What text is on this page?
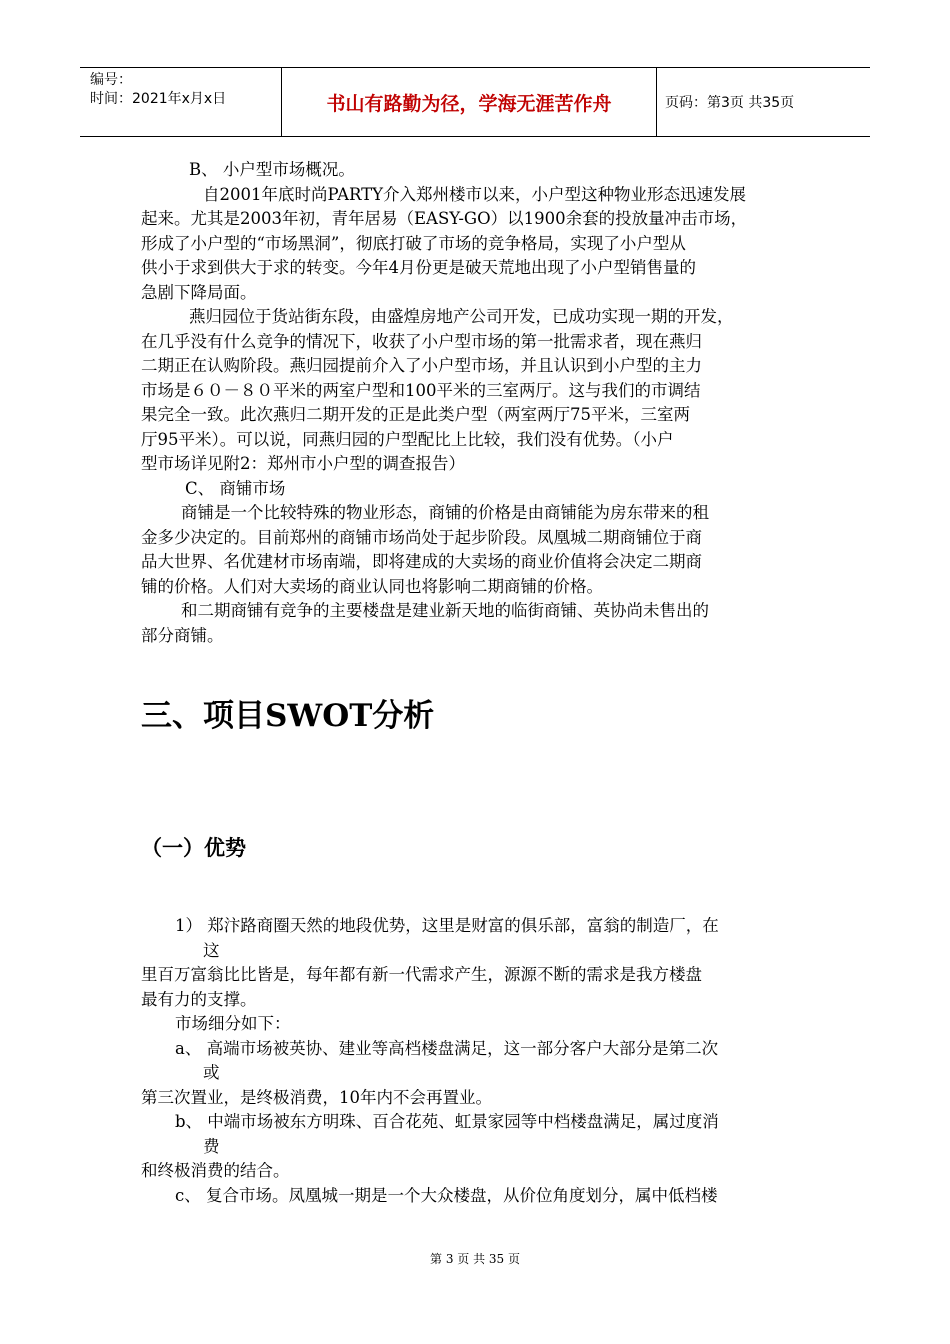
编号：
时间：2021年x月x日	书山有路勤为径，学海无涯苦作舟	页码：第3页 共35页
B、 小户型市场概况。
自2001年底时尚PARTY介入郑州楼市以来，小户型这种物业形态迅速发展
起来。尤其是2003年初，青年居易（EASY-GO）以1900余套的投放量冲击市场，
形成了小户型的“市场黑洞”，彻底打破了市场的竞争格局，实现了小户型从
供小于求到供大于求的转变。今年4月份更是破天荒地出现了小户型销售量的
急剧下降局面。
燕归园位于货站街东段，由盛煌房地产公司开发，已成功实现一期的开发，
在几乎没有什么竞争的情况下，收获了小户型市场的第一批需求者，现在燕归
二期正在认购阶段。燕归园提前介入了小户型市场，并且认识到小户型的主力
市场是６０－８０平米的两室户型和100平米的三室两厅。这与我们的市调结
果完全一致。此次燕归二期开发的正是此类户型（两室两厅75平米，三室两
厅95平米）。可以说，同燕归园的户型配比上比较，我们没有优势。（小户
型市场详见附2：郑州市小户型的调查报告）
C、 商铺市场
商铺是一个比较特殊的物业形态，商铺的价格是由商铺能为房东带来的租
金多少决定的。目前郑州的商铺市场尚处于起步阶段。凤凰城二期商铺位于商
品大世界、名优建材市场南端，即将建成的大卖场的商业价值将会决定二期商
铺的价格。人们对大卖场的商业认同也将影响二期商铺的价格。
和二期商铺有竞争的主要楼盘是建业新天地的临街商铺、英协尚未售出的
部分商铺。
三、项目SWOT分析
（一）优势
1） 郑汴路商圈天然的地段优势，这里是财富的俱乐部，富翁的制造厂，在
这
里百万富翁比比皆是，每年都有新一代需求产生，源源不断的需求是我方楼盘
最有力的支撑。
市场细分如下：
a、 高端市场被英协、建业等高档楼盘满足，这一部分客户大部分是第二次
或
第三次置业，是终极消费，10年内不会再置业。
b、 中端市场被东方明珠、百合花苑、虹景家园等中档楼盘满足，属过度消
费
和终极消费的结合。
c、 复合市场。凤凰城一期是一个大众楼盘，从价位角度划分，属中低档楼
第 3 页 共 35 页
